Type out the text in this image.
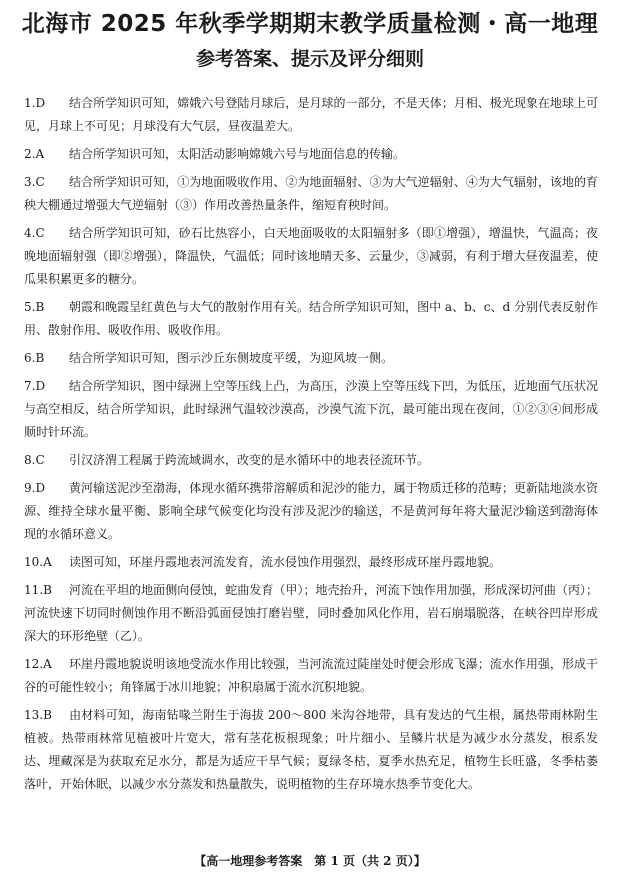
北海市 2025 年秋季学期期末教学质量检测・高一地理
参考答案、提示及评分细则

1.D   结合所学知识可知，嫦娥六号登陆月球后，是月球的一部分，不是天体；月相、极光现象在地球上可见，月球上不可见；月球没有大气层，昼夜温差大。

2.A   结合所学知识可知，太阳活动影响嫦娥六号与地面信息的传输。

3.C   结合所学知识可知，①为地面吸收作用、②为地面辐射、③为大气逆辐射、④为大气辐射，该地的育秧大棚通过增强大气逆辐射（③）作用改善热量条件，缩短育秧时间。

4.C   结合所学知识可知，砂石比热容小，白天地面吸收的太阳辐射多（即①增强），增温快，气温高；夜晚地面辐射强（即②增强），降温快，气温低；同时该地晴天多、云量少，③减弱，有利于增大昼夜温差，使瓜果积累更多的糖分。

5.B   朝霞和晚霞呈红黄色与大气的散射作用有关。结合所学知识可知，图中 a、b、c、d 分别代表反射作用、散射作用、吸收作用、吸收作用。

6.B   结合所学知识可知，图示沙丘东侧坡度平缓，为迎风坡一侧。

7.D   结合所学知识，图中绿洲上空等压线上凸，为高压，沙漠上空等压线下凹，为低压，近地面气压状况与高空相反，结合所学知识，此时绿洲气温较沙漠高，沙漠气流下沉，最可能出现在夜间，①②③④间形成顺时针环流。

8.C   引汉济渭工程属于跨流域调水，改变的是水循环中的地表径流环节。

9.D   黄河输送泥沙至渤海，体现水循环携带溶解质和泥沙的能力，属于物质迁移的范畴；更新陆地淡水资源、维持全球水量平衡、影响全球气候变化均没有涉及泥沙的输送，不是黄河每年将大量泥沙输送到渤海体现的水循环意义。

10.A   读图可知，环崖丹霞地表河流发育，流水侵蚀作用强烈，最终形成环崖丹霞地貌。

11.B   河流在平坦的地面侧向侵蚀，蛇曲发育（甲）；地壳抬升，河流下蚀作用加强，形成深切河曲（丙）；河流快速下切同时侧蚀作用不断沿弧面侵蚀打磨岩壁，同时叠加风化作用，岩石崩塌脱落，在峡谷凹岸形成深大的环形绝壁（乙）。

12.A   环崖丹霞地貌说明该地受流水作用比较强，当河流流过陡崖处时便会形成飞瀑；流水作用强，形成干谷的可能性较小；角锋属于冰川地貌；冲积扇属于流水沉积地貌。

13.B   由材料可知，海南钻喙兰附生于海拔 200～800 米沟谷地带，具有发达的气生根，属热带雨林附生植被。热带雨林常见植被叶片宽大，常有茎花板根现象；叶片细小、呈鳞片状是为减少水分蒸发，根系发达、埋藏深是为获取充足水分，都是为适应干旱气候；夏绿冬枯，夏季水热充足，植物生长旺盛，冬季枯萎落叶，开始休眠，以减少水分蒸发和热量散失，说明植物的生存环境水热季节变化大。

【高一地理参考答案　第 1 页（共 2 页）】
